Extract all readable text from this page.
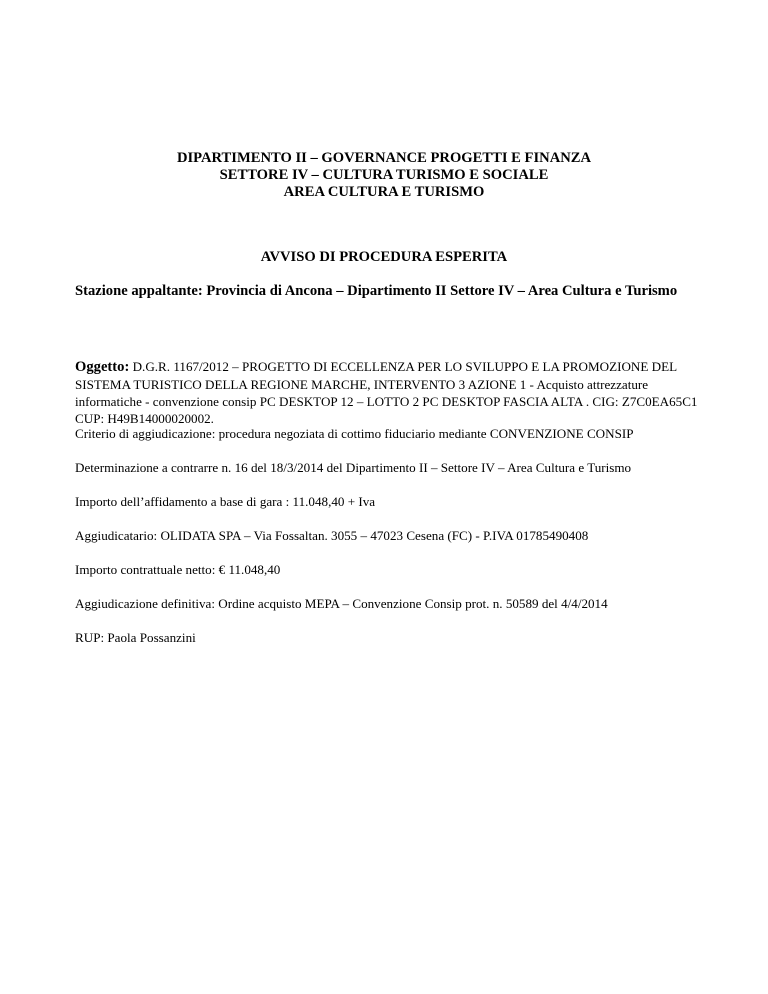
DIPARTIMENTO II – GOVERNANCE PROGETTI E FINANZA
SETTORE IV – CULTURA TURISMO E SOCIALE
AREA CULTURA E TURISMO
AVVISO DI PROCEDURA ESPERITA
Stazione appaltante: Provincia di Ancona – Dipartimento II Settore IV – Area Cultura e Turismo
Oggetto: D.G.R. 1167/2012 – PROGETTO DI ECCELLENZA PER LO SVILUPPO E LA PROMOZIONE DEL SISTEMA TURISTICO DELLA REGIONE MARCHE, INTERVENTO 3 AZIONE 1 - Acquisto attrezzature informatiche - convenzione consip PC DESKTOP 12 – LOTTO 2 PC DESKTOP FASCIA ALTA . CIG: Z7C0EA65C1 CUP: H49B14000020002.
Criterio di aggiudicazione: procedura negoziata di cottimo fiduciario mediante CONVENZIONE CONSIP
Determinazione a contrarre n. 16 del 18/3/2014 del Dipartimento II – Settore IV – Area Cultura e Turismo
Importo dell’affidamento a base di gara : 11.048,40 + Iva
Aggiudicatario: OLIDATA SPA – Via Fossaltan. 3055 – 47023 Cesena (FC) - P.IVA 01785490408
Importo contrattuale netto: € 11.048,40
Aggiudicazione definitiva: Ordine acquisto MEPA – Convenzione Consip prot. n. 50589 del 4/4/2014
RUP: Paola Possanzini
